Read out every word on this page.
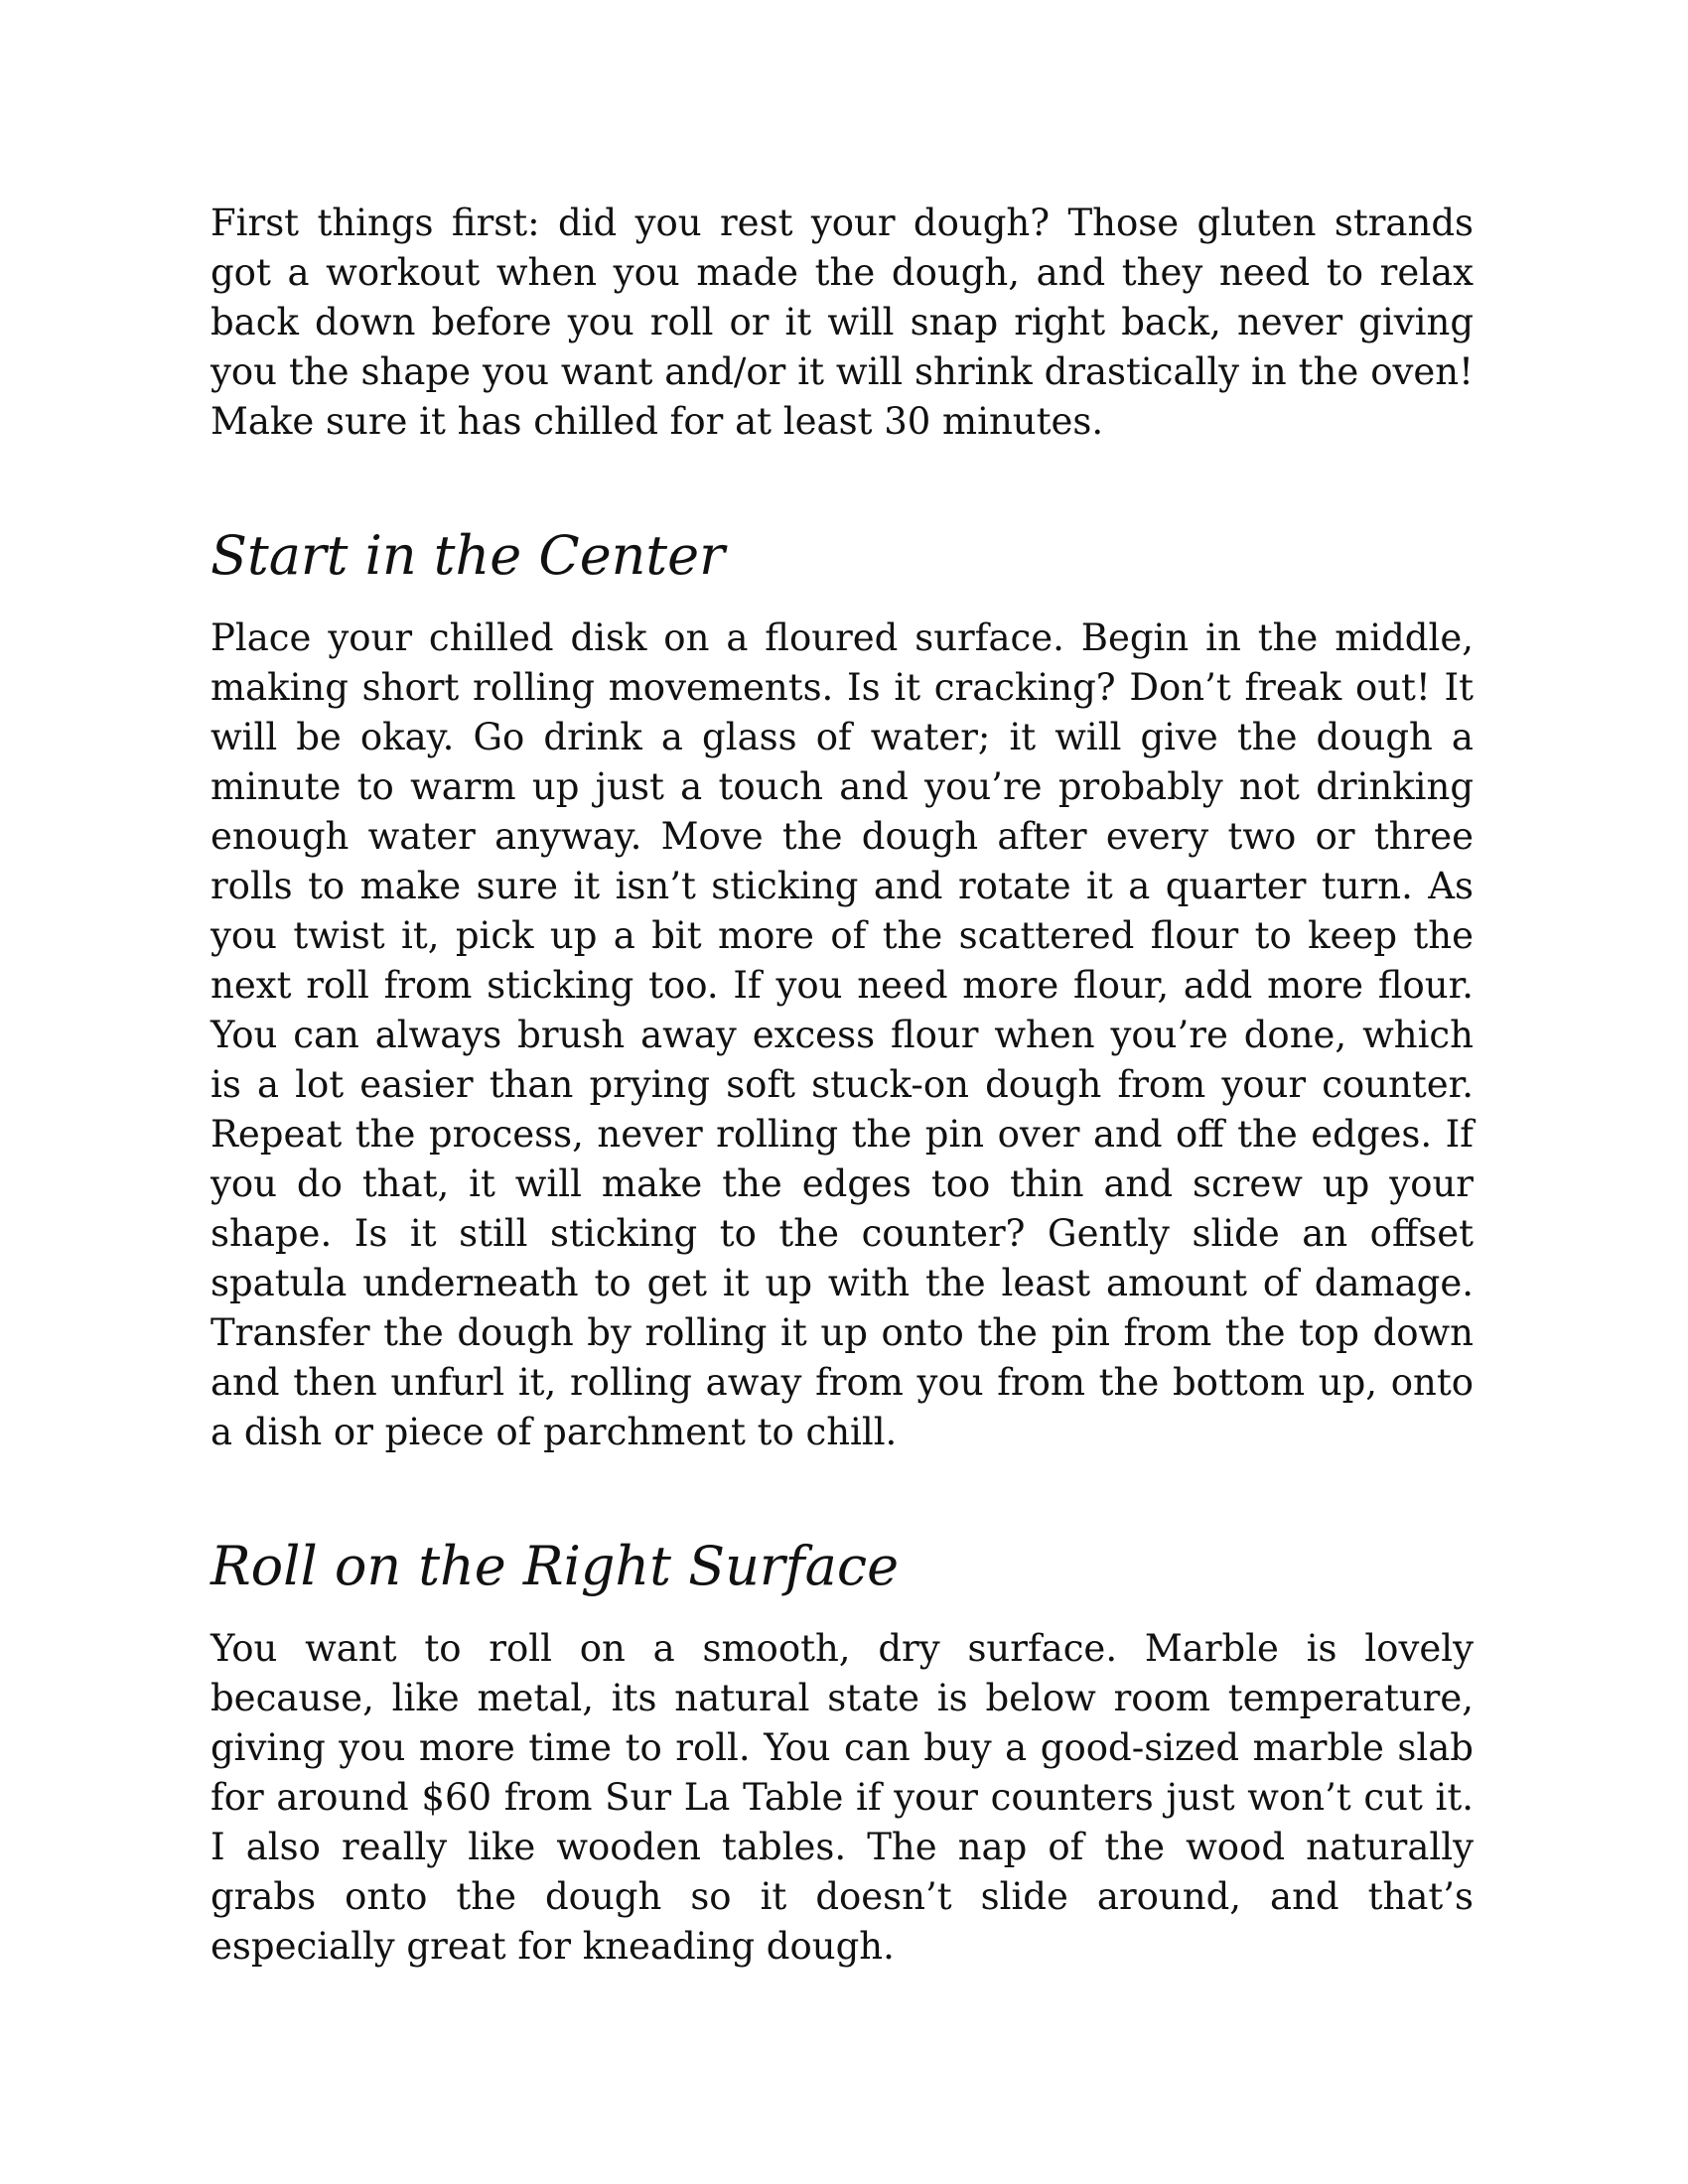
First things first: did you rest your dough? Those gluten strands got a workout when you made the dough, and they need to relax back down before you roll or it will snap right back, never giving you the shape you want and/or it will shrink drastically in the oven! Make sure it has chilled for at least 30 minutes.

Start in the Center

Place your chilled disk on a floured surface. Begin in the middle, making short rolling movements. Is it cracking? Don’t freak out! It will be okay. Go drink a glass of water; it will give the dough a minute to warm up just a touch and you’re probably not drinking enough water anyway. Move the dough after every two or three rolls to make sure it isn’t sticking and rotate it a quarter turn. As you twist it, pick up a bit more of the scattered flour to keep the next roll from sticking too. If you need more flour, add more flour. You can always brush away excess flour when you’re done, which is a lot easier than prying soft stuck-on dough from your counter. Repeat the process, never rolling the pin over and off the edges. If you do that, it will make the edges too thin and screw up your shape. Is it still sticking to the counter? Gently slide an offset spatula underneath to get it up with the least amount of damage. Transfer the dough by rolling it up onto the pin from the top down and then unfurl it, rolling away from you from the bottom up, onto a dish or piece of parchment to chill.

Roll on the Right Surface

You want to roll on a smooth, dry surface. Marble is lovely because, like metal, its natural state is below room temperature, giving you more time to roll. You can buy a good-sized marble slab for around $60 from Sur La Table if your counters just won’t cut it. I also really like wooden tables. The nap of the wood naturally grabs onto the dough so it doesn’t slide around, and that’s especially great for kneading dough.
